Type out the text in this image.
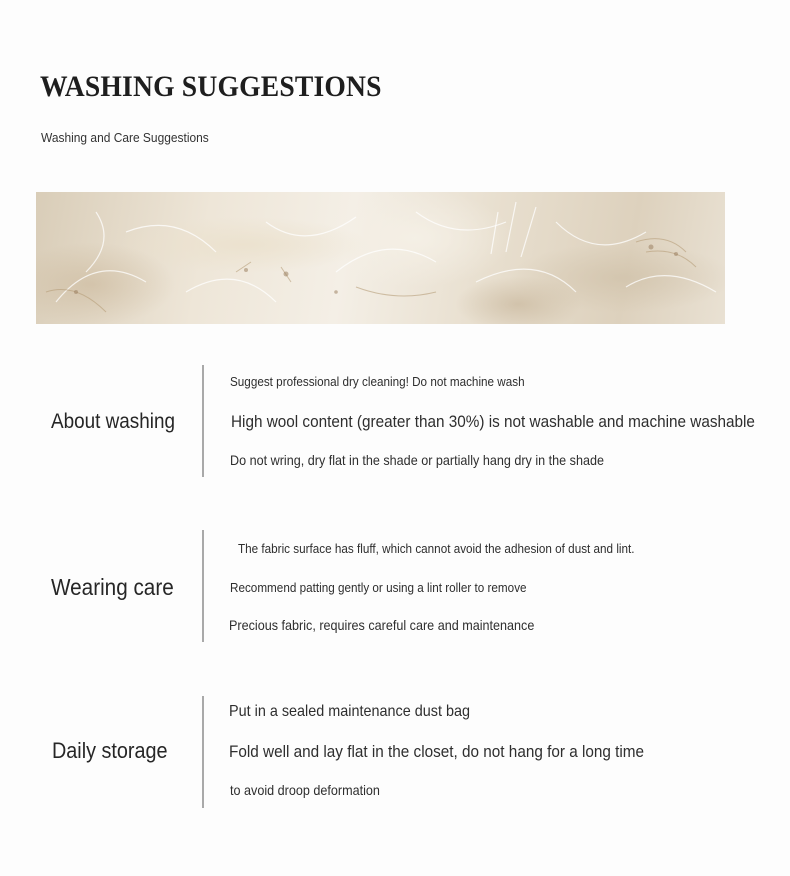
WASHING SUGGESTIONS
Washing and Care Suggestions
About washing
Suggest professional dry cleaning! Do not machine wash
High wool content (greater than 30%) is not washable and machine washable
Do not wring, dry flat in the shade or partially hang dry in the shade
Wearing care
The fabric surface has fluff, which cannot avoid the adhesion of dust and lint.
Recommend patting gently or using a lint roller to remove
Precious fabric, requires careful care and maintenance
Daily storage
Put in a sealed maintenance dust bag
Fold well and lay flat in the closet, do not hang for a long time
to avoid droop deformation
